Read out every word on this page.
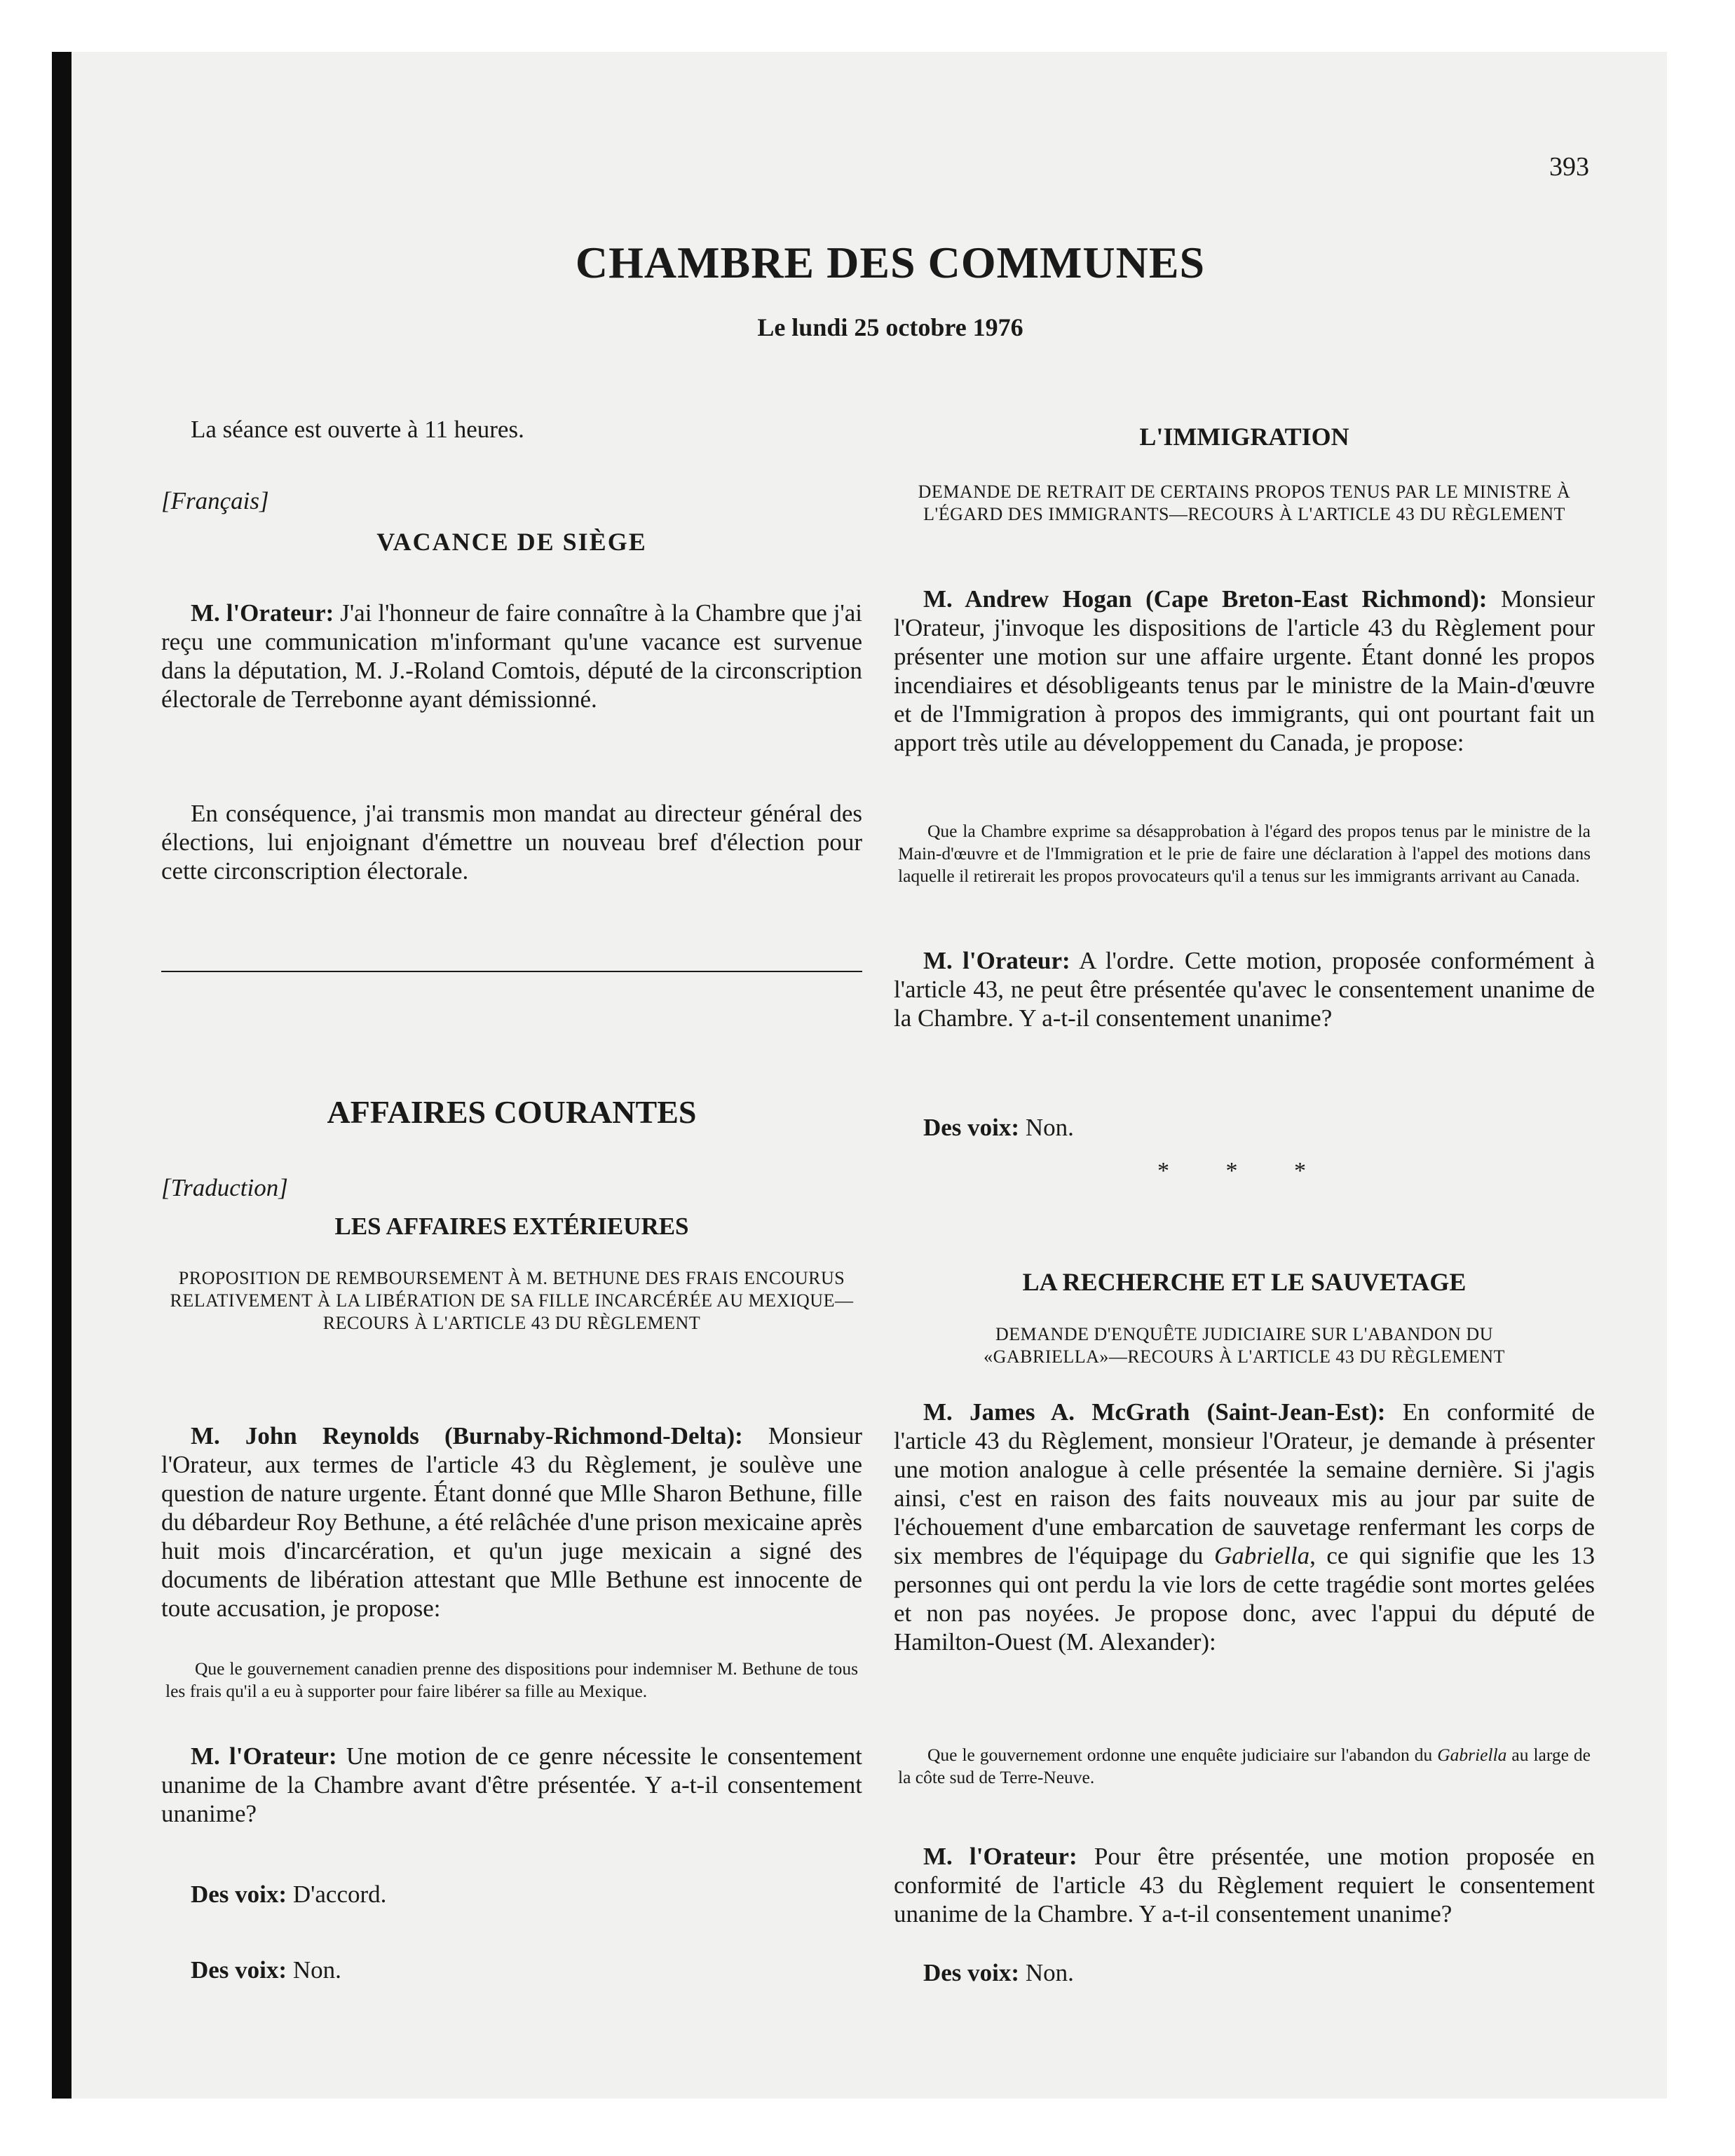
393
CHAMBRE DES COMMUNES
Le lundi 25 octobre 1976

La séance est ouverte à 11 heures.

[Français]
VACANCE DE SIÈGE

M. l'Orateur: J'ai l'honneur de faire connaître à la Chambre que j'ai reçu une communication m'informant qu'une vacance est survenue dans la députation, M. J.-Roland Comtois, député de la circonscription électorale de Terrebonne ayant démissionné.

En conséquence, j'ai transmis mon mandat au directeur général des élections, lui enjoignant d'émettre un nouveau bref d'élection pour cette circonscription électorale.

AFFAIRES COURANTES
[Traduction]
LES AFFAIRES EXTÉRIEURES
PROPOSITION DE REMBOURSEMENT À M. BETHUNE DES FRAIS ENCOURUS RELATIVEMENT À LA LIBÉRATION DE SA FILLE INCARCÉRÉE AU MEXIQUE—RECOURS À L'ARTICLE 43 DU RÈGLEMENT

M. John Reynolds (Burnaby-Richmond-Delta): Monsieur l'Orateur, aux termes de l'article 43 du Règlement, je soulève une question de nature urgente. Étant donné que Mlle Sharon Bethune, fille du débardeur Roy Bethune, a été relâchée d'une prison mexicaine après huit mois d'incarcération, et qu'un juge mexicain a signé des documents de libération attestant que Mlle Bethune est innocente de toute accusation, je propose:

Que le gouvernement canadien prenne des dispositions pour indemniser M. Bethune de tous les frais qu'il a eu à supporter pour faire libérer sa fille au Mexique.

M. l'Orateur: Une motion de ce genre nécessite le consentement unanime de la Chambre avant d'être présentée. Y a-t-il consentement unanime?

Des voix: D'accord.

Des voix: Non.

L'IMMIGRATION
DEMANDE DE RETRAIT DE CERTAINS PROPOS TENUS PAR LE MINISTRE À L'ÉGARD DES IMMIGRANTS—RECOURS À L'ARTICLE 43 DU RÈGLEMENT

M. Andrew Hogan (Cape Breton-East Richmond): Monsieur l'Orateur, j'invoque les dispositions de l'article 43 du Règlement pour présenter une motion sur une affaire urgente. Étant donné les propos incendiaires et désobligeants tenus par le ministre de la Main-d'œuvre et de l'Immigration à propos des immigrants, qui ont pourtant fait un apport très utile au développement du Canada, je propose:

Que la Chambre exprime sa désapprobation à l'égard des propos tenus par le ministre de la Main-d'œuvre et de l'Immigration et le prie de faire une déclaration à l'appel des motions dans laquelle il retirerait les propos provocateurs qu'il a tenus sur les immigrants arrivant au Canada.

M. l'Orateur: A l'ordre. Cette motion, proposée conformément à l'article 43, ne peut être présentée qu'avec le consentement unanime de la Chambre. Y a-t-il consentement unanime?

Des voix: Non.

* * *
LA RECHERCHE ET LE SAUVETAGE
DEMANDE D'ENQUÊTE JUDICIAIRE SUR L'ABANDON DU «GABRIELLA»—RECOURS À L'ARTICLE 43 DU RÈGLEMENT

M. James A. McGrath (Saint-Jean-Est): En conformité de l'article 43 du Règlement, monsieur l'Orateur, je demande à présenter une motion analogue à celle présentée la semaine dernière. Si j'agis ainsi, c'est en raison des faits nouveaux mis au jour par suite de l'échouement d'une embarcation de sauvetage renfermant les corps de six membres de l'équipage du Gabriella, ce qui signifie que les 13 personnes qui ont perdu la vie lors de cette tragédie sont mortes gelées et non pas noyées. Je propose donc, avec l'appui du député de Hamilton-Ouest (M. Alexander):

Que le gouvernement ordonne une enquête judiciaire sur l'abandon du Gabriella au large de la côte sud de Terre-Neuve.

M. l'Orateur: Pour être présentée, une motion proposée en conformité de l'article 43 du Règlement requiert le consentement unanime de la Chambre. Y a-t-il consentement unanime?

Des voix: Non.
